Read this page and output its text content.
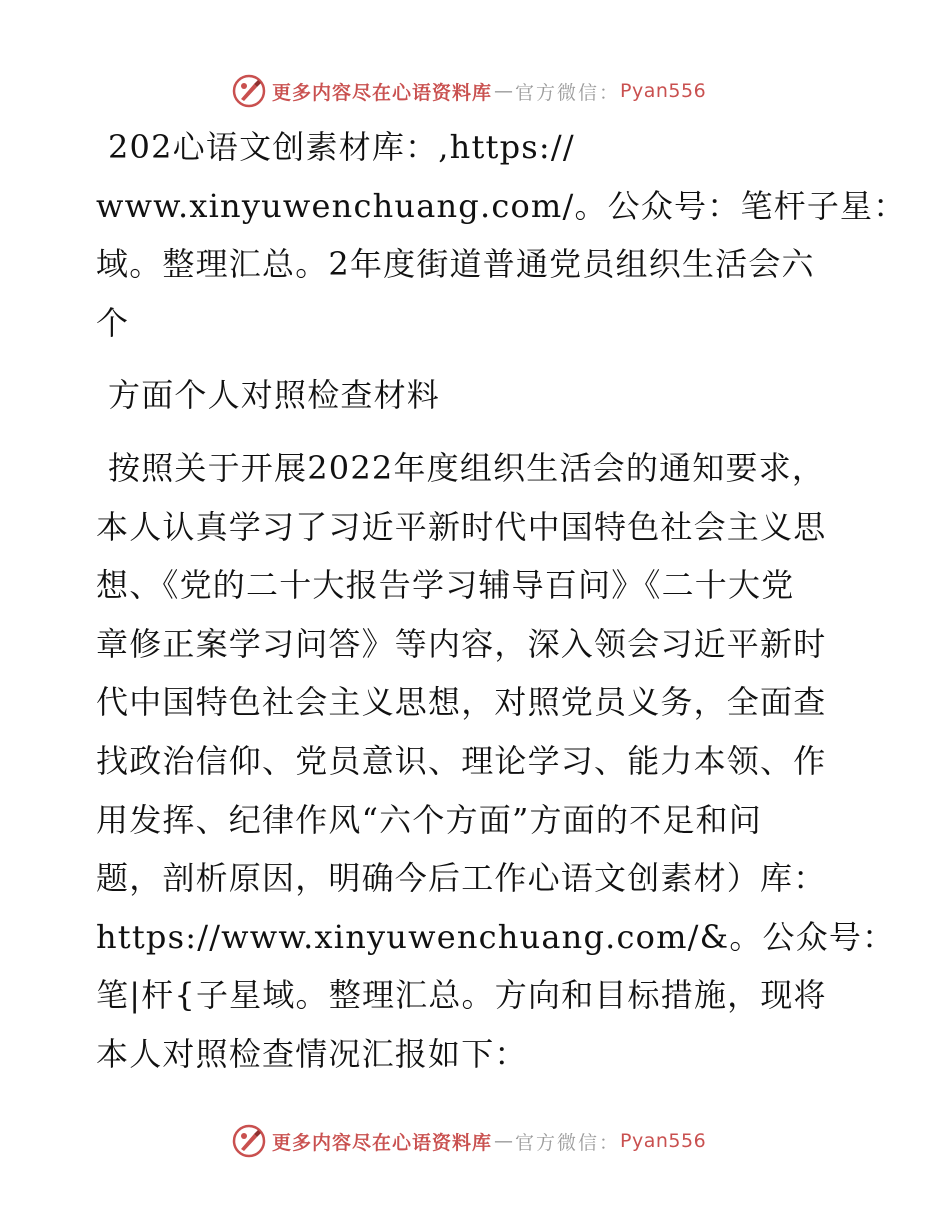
更多内容尽在心语资料库 — 官方微信： Pyan556
202心语文创素材库：,https://
www.xinyuwenchuang.com/。公众号：笔杆子星：
域。整理汇总。2年度街道普通党员组织生活会六
个
方面个人对照检查材料
按照关于开展2022年度组织生活会的通知要求，
本人认真学习了习近平新时代中国特色社会主义思
想、《党的二十大报告学习辅导百问》《二十大党
章修正案学习问答》等内容，深入领会习近平新时
代中国特色社会主义思想，对照党员义务，全面查
找政治信仰、党员意识、理论学习、能力本领、作
用发挥、纪律作风“六个方面”方面的不足和问
题，剖析原因，明确今后工作心语文创素材）库：
https://www.xinyuwenchuang.com/&。公众号：
笔|杆{子星域。整理汇总。方向和目标措施，现将
本人对照检查情况汇报如下：
更多内容尽在心语资料库 — 官方微信： Pyan556
